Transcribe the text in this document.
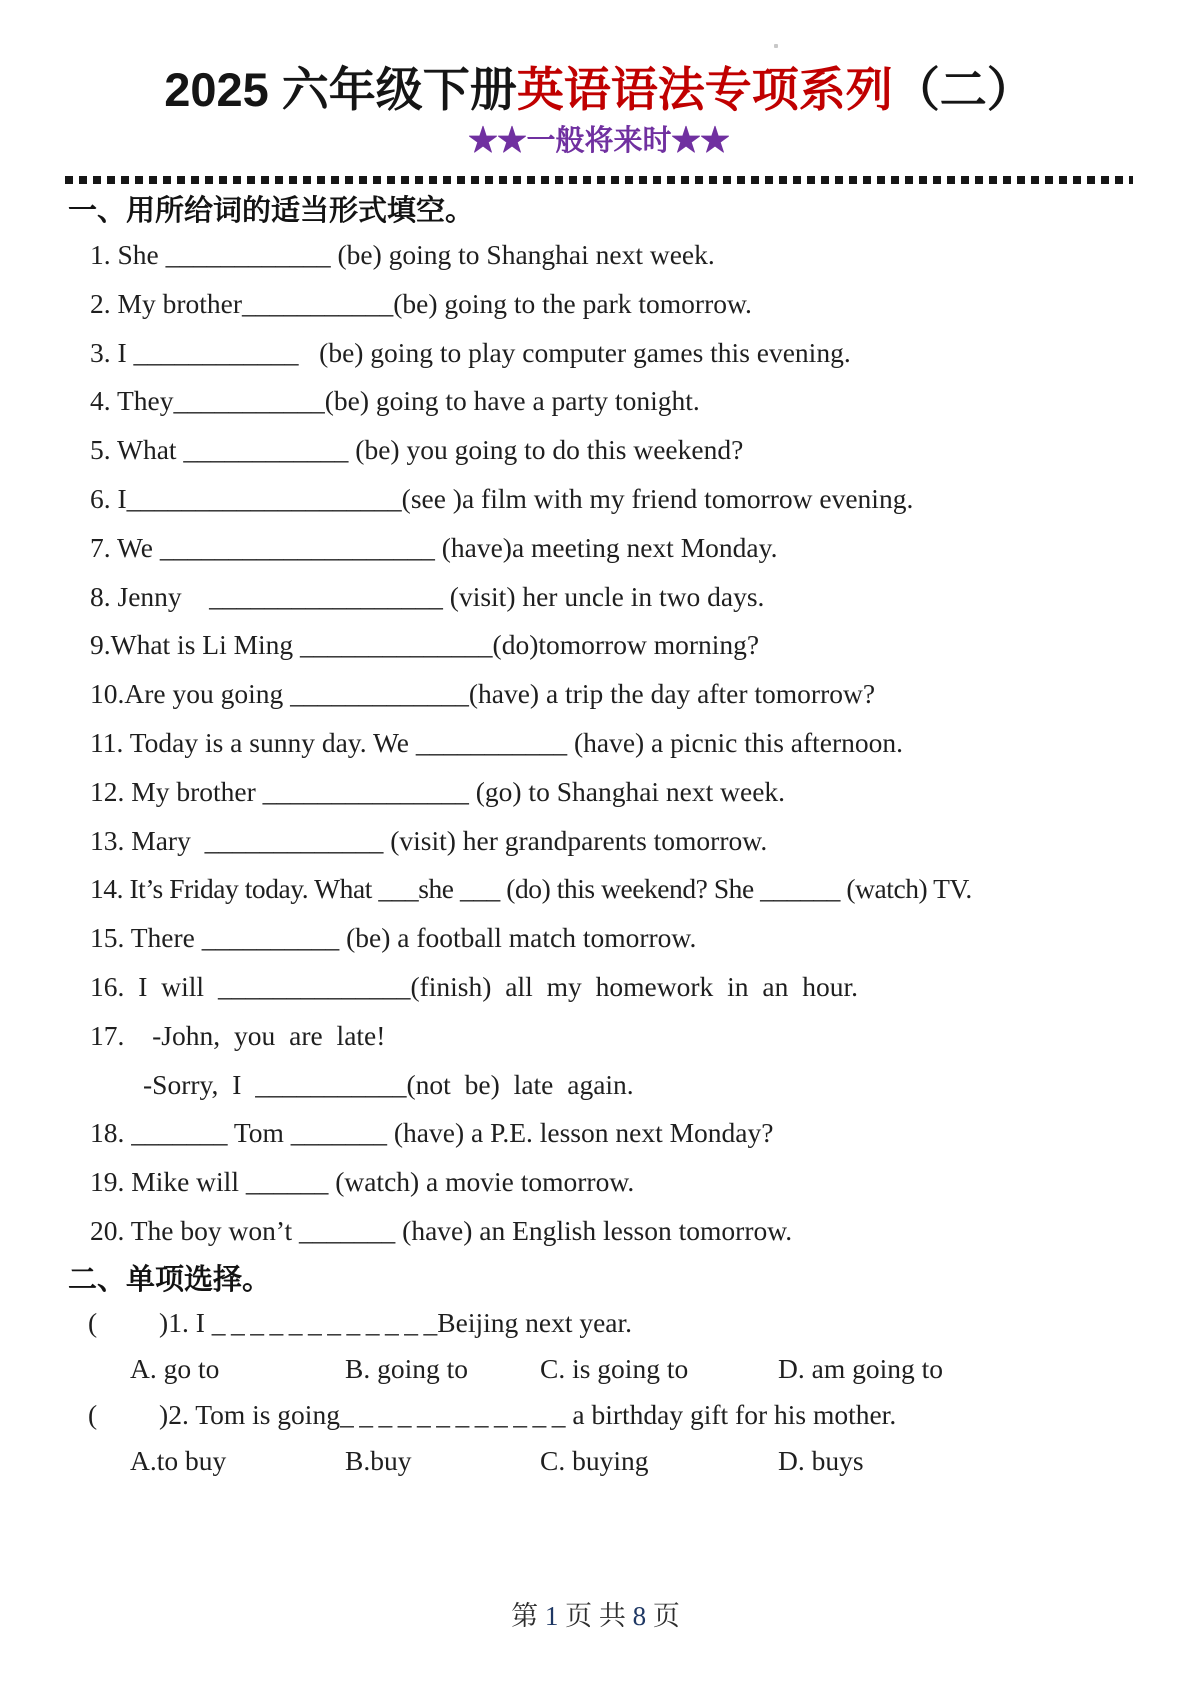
2025 六年级下册英语语法专项系列（二）
★★一般将来时★★
一、用所给词的适当形式填空。
1. She ____________ (be) going to Shanghai next week.
2. My brother___________(be) going to the park tomorrow.
3. I ____________   (be) going to play computer games this evening.
4. They___________(be) going to have a party tonight.
5. What ____________ (be) you going to do this weekend?
6. I____________________(see )a film with my friend tomorrow evening.
7. We ____________________ (have)a meeting next Monday.
8. Jenny    _________________ (visit) her uncle in two days.
9.What is Li Ming ______________(do)tomorrow morning?
10.Are you going _____________(have) a trip the day after tomorrow?
11. Today is a sunny day. We ___________ (have) a picnic this afternoon.
12. My brother _______________ (go) to Shanghai next week.
13. Mary  _____________ (visit) her grandparents tomorrow.
14. It’s Friday today. What ___she ___ (do) this weekend? She ______ (watch) TV.
15. There __________ (be) a football match tomorrow.
16. I will ______________(finish) all my homework in an hour.
17.  -John, you are late!
-Sorry, I ___________(not be) late again.
18. _______ Tom _______ (have) a P.E. lesson next Monday?
19. Mike will ______ (watch) a movie tomorrow.
20. The boy won’t _______ (have) an English lesson tomorrow.
二、单项选择。
(         )1. I _ _ _ _ _ _ _ _ _ _ _ _Beijing next year.
A. go to	B. going to	C. is going to	D. am going to
(         )2. Tom is going_ _ _ _ _ _ _ _ _ _ _ _ a birthday gift for his mother.
A.to buy	B.buy	C. buying	D. buys
第 1 页 共 8 页
